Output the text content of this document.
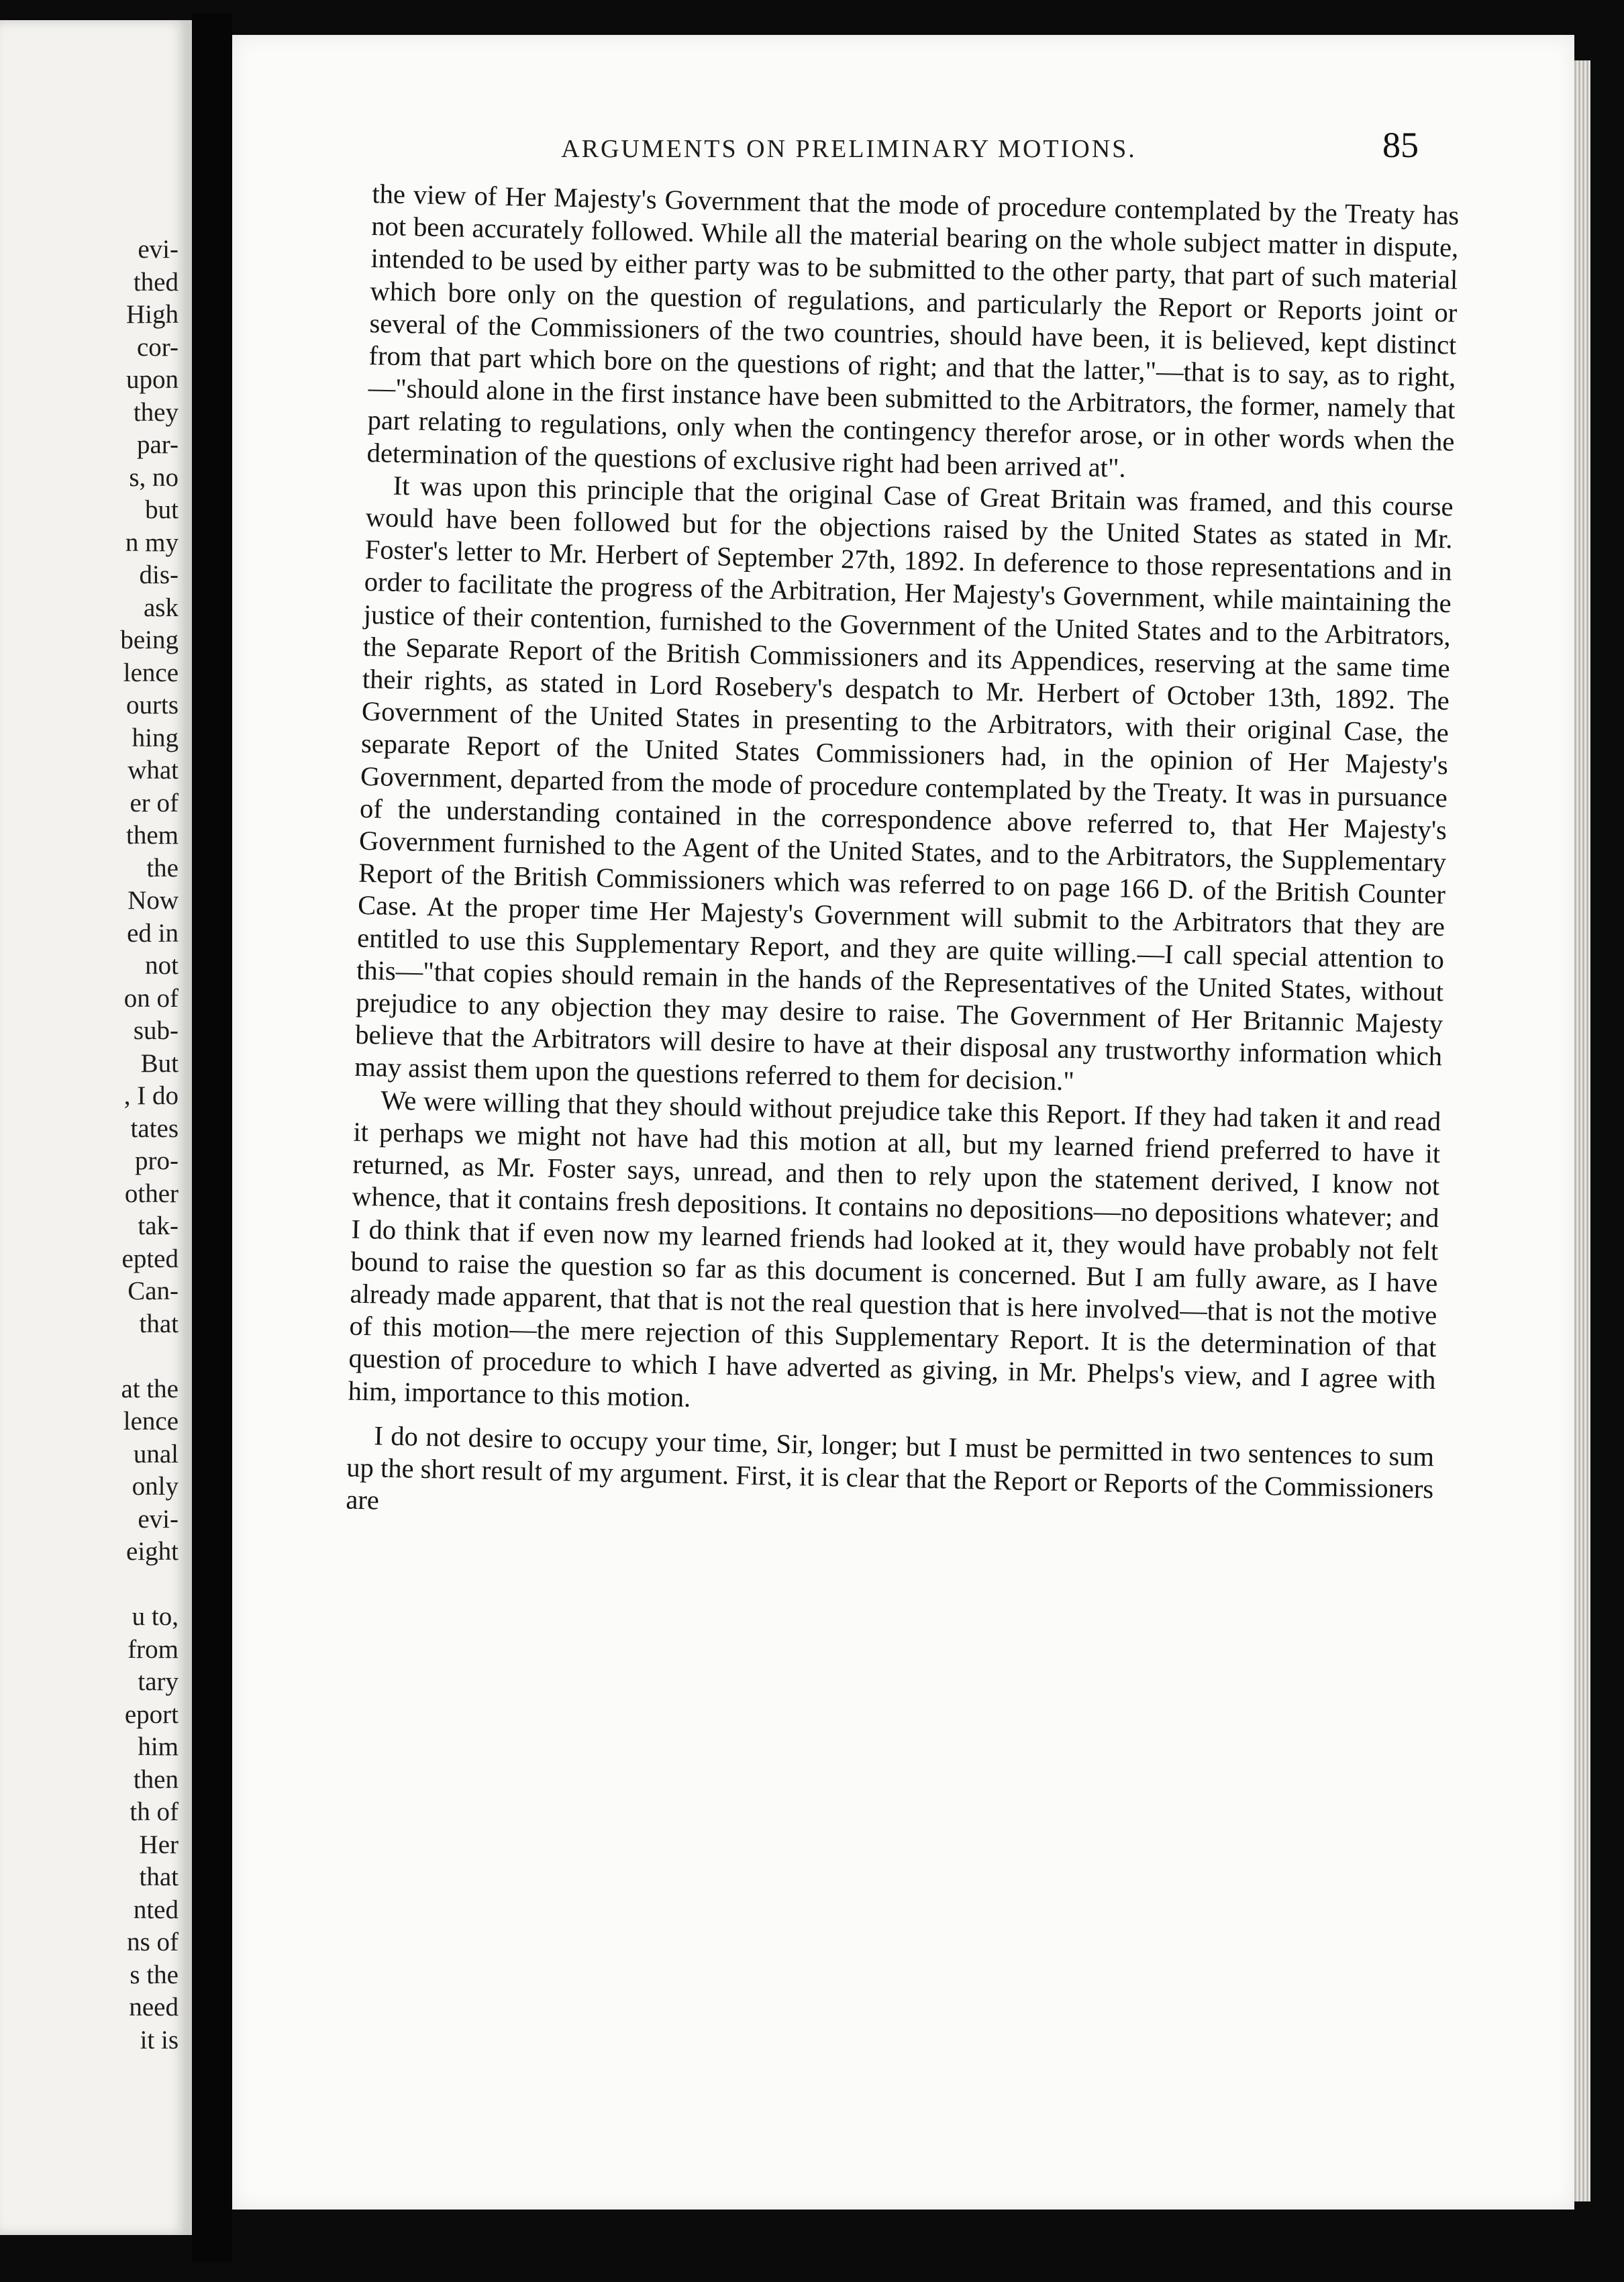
evi-
thed
High
cor-
upon
they
par-
s, no
but
n my
dis-
ask
being
lence
ourts
hing
what
er of
them
the
Now
ed in
not
on of
sub-
But
, I do
tates
pro-
other
tak-
epted
Can-
that

at the
lence
unal
only
evi-
eight

u to,
from
tary
eport
him
then
th of
Her
that
nted
ns of
s the
need
it is
ARGUMENTS ON PRELIMINARY MOTIONS.	85

the view of Her Majesty's Government that the mode of procedure contemplated by the Treaty has not been accurately followed. While all the material bearing on the whole subject matter in dispute, intended to be used by either party was to be submitted to the other party, that part of such material which bore only on the question of regulations, and particularly the Report or Reports joint or several of the Commissioners of the two countries, should have been, it is believed, kept distinct from that part which bore on the questions of right; and that the latter,"—that is to say, as to right,—"should alone in the first instance have been submitted to the Arbitrators, the former, namely that part relating to regulations, only when the contingency therefor arose, or in other words when the determination of the questions of exclusive right had been arrived at".

It was upon this principle that the original Case of Great Britain was framed, and this course would have been followed but for the objections raised by the United States as stated in Mr. Foster's letter to Mr. Herbert of September 27th, 1892. In deference to those representations and in order to facilitate the progress of the Arbitration, Her Majesty's Government, while maintaining the justice of their contention, furnished to the Government of the United States and to the Arbitrators, the Separate Report of the British Commissioners and its Appendices, reserving at the same time their rights, as stated in Lord Rosebery's despatch to Mr. Herbert of October 13th, 1892. The Government of the United States in presenting to the Arbitrators, with their original Case, the separate Report of the United States Commissioners had, in the opinion of Her Majesty's Government, departed from the mode of procedure contemplated by the Treaty. It was in pursuance of the understanding contained in the correspondence above referred to, that Her Majesty's Government furnished to the Agent of the United States, and to the Arbitrators, the Supplementary Report of the British Commissioners which was referred to on page 166 D. of the British Counter Case. At the proper time Her Majesty's Government will submit to the Arbitrators that they are entitled to use this Supplementary Report, and they are quite willing.—I call special attention to this—"that copies should remain in the hands of the Representatives of the United States, without prejudice to any objection they may desire to raise. The Government of Her Britannic Majesty believe that the Arbitrators will desire to have at their disposal any trustworthy information which may assist them upon the questions referred to them for decision."

We were willing that they should without prejudice take this Report. If they had taken it and read it perhaps we might not have had this motion at all, but my learned friend preferred to have it returned, as Mr. Foster says, unread, and then to rely upon the statement derived, I know not whence, that it contains fresh depositions. It contains no depositions—no depositions whatever; and I do think that if even now my learned friends had looked at it, they would have probably not felt bound to raise the question so far as this document is concerned. But I am fully aware, as I have already made apparent, that that is not the real question that is here involved—that is not the motive of this motion—the mere rejection of this Supplementary Report. It is the determination of that question of procedure to which I have adverted as giving, in Mr. Phelps's view, and I agree with him, importance to this motion.

I do not desire to occupy your time, Sir, longer; but I must be permitted in two sentences to sum up the short result of my argument. First, it is clear that the Report or Reports of the Commissioners are
